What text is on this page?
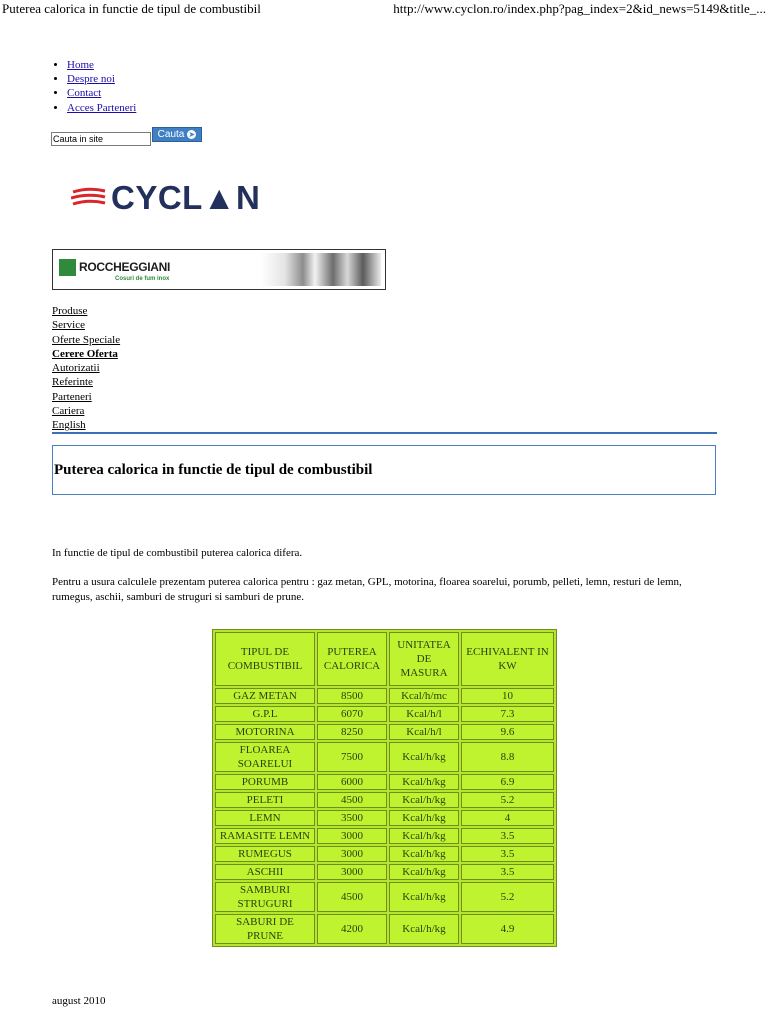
Puterea calorica in functie de tipul de combustibil	http://www.cyclon.ro/index.php?pag_index=2&id_news=5149&title_...
• Home
• Despre noi
• Contact
• Acces Parteneri
Cauta in site	Cauta ➤
CYCL▲N
ROCCHEGGIANI
Cosuri de fum inox
Produse
Service
Oferte Speciale
Cerere Oferta
Autorizatii
Referinte
Parteneri
Cariera
English
Puterea calorica in functie de tipul de combustibil

In functie de tipul de combustibil puterea calorica difera.

Pentru a usura calculele prezentam puterea calorica pentru : gaz metan, GPL, motorina, floarea soarelui, porumb, pelleti, lemn, resturi de lemn, rumegus, aschii, samburi de struguri si samburi de prune.

TIPUL DE COMBUSTIBIL	PUTEREA CALORICA	UNITATEA DE MASURA	ECHIVALENT IN KW
GAZ METAN	8500	Kcal/h/mc	10
G.P.L	6070	Kcal/h/l	7.3
MOTORINA	8250	Kcal/h/l	9.6
FLOAREA SOARELUI	7500	Kcal/h/kg	8.8
PORUMB	6000	Kcal/h/kg	6.9
PELETI	4500	Kcal/h/kg	5.2
LEMN	3500	Kcal/h/kg	4
RAMASITE LEMN	3000	Kcal/h/kg	3.5
RUMEGUS	3000	Kcal/h/kg	3.5
ASCHII	3000	Kcal/h/kg	3.5
SAMBURI STRUGURI	4500	Kcal/h/kg	5.2
SABURI DE PRUNE	4200	Kcal/h/kg	4.9
august 2010
